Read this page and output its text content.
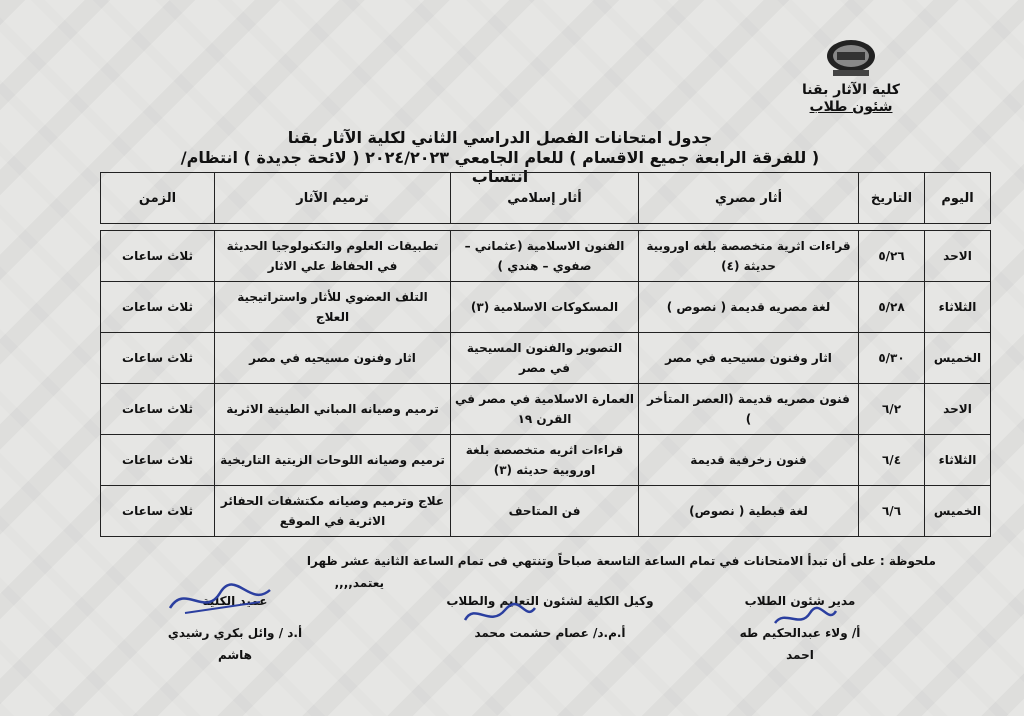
كلية الآثار بقنا
شئون طلاب
جدول امتحانات الفصل الدراسي الثاني لكلية الآثار بقنا
( للفرقة الرابعة جميع الاقسام ) للعام الجامعي ٢٠٢٤/٢٠٢٣ ( لائحة جديدة ) انتظام/ انتساب
اليوم	التاريخ	أثار مصري	أثار إسلامي	ترميم الآثار	الزمن

الاحد	٥/٢٦	قراءات اثرية متخصصة بلغه اوروبية حديثة (٤)	الفنون الاسلامية (عثماني – صفوي – هندي )	تطبيقات العلوم والتكنولوجيا الحديثة في الحفاظ علي الاثار	ثلاث ساعات
الثلاثاء	٥/٢٨	لغة مصريه قديمة ( نصوص )	المسكوكات الاسلامية (٣)	التلف العضوي للأثار واستراتيجية العلاج	ثلاث ساعات
الخميس	٥/٣٠	اثار وفنون مسيحيه في مصر	التصوير والفنون المسيحية في مصر	اثار وفنون مسيحيه في مصر	ثلاث ساعات
الاحد	٦/٢	فنون مصريه قديمة (العصر المتأخر )	العمارة الاسلامية في مصر في القرن ١٩	ترميم وصيانه المباني الطينية الاثرية	ثلاث ساعات
الثلاثاء	٦/٤	فنون زخرفية قديمة	قراءات اثريه متخصصة بلغة اوروبية حديثه (٣)	ترميم وصيانه اللوحات الزيتية التاريخية	ثلاث ساعات
الخميس	٦/٦	لغة قبطية ( نصوص)	فن المتاحف	علاج وترميم وصيانه مكتشفات الحفائر الاثرية في الموقع	ثلاث ساعات
ملحوظة : على أن تبدأ الامتحانات في تمام الساعة التاسعة صباحاً وتنتهي فى تمام الساعة الثانية عشر ظهرا
يعتمد,,,,
عميد الكلية
أ.د / وائل بكري رشيدي هاشم
وكيل الكلية لشئون التعليم والطلاب
أ.م.د/ عصام حشمت محمد
مدير شئون الطلاب
أ/ ولاء عبدالحكيم طه احمد
